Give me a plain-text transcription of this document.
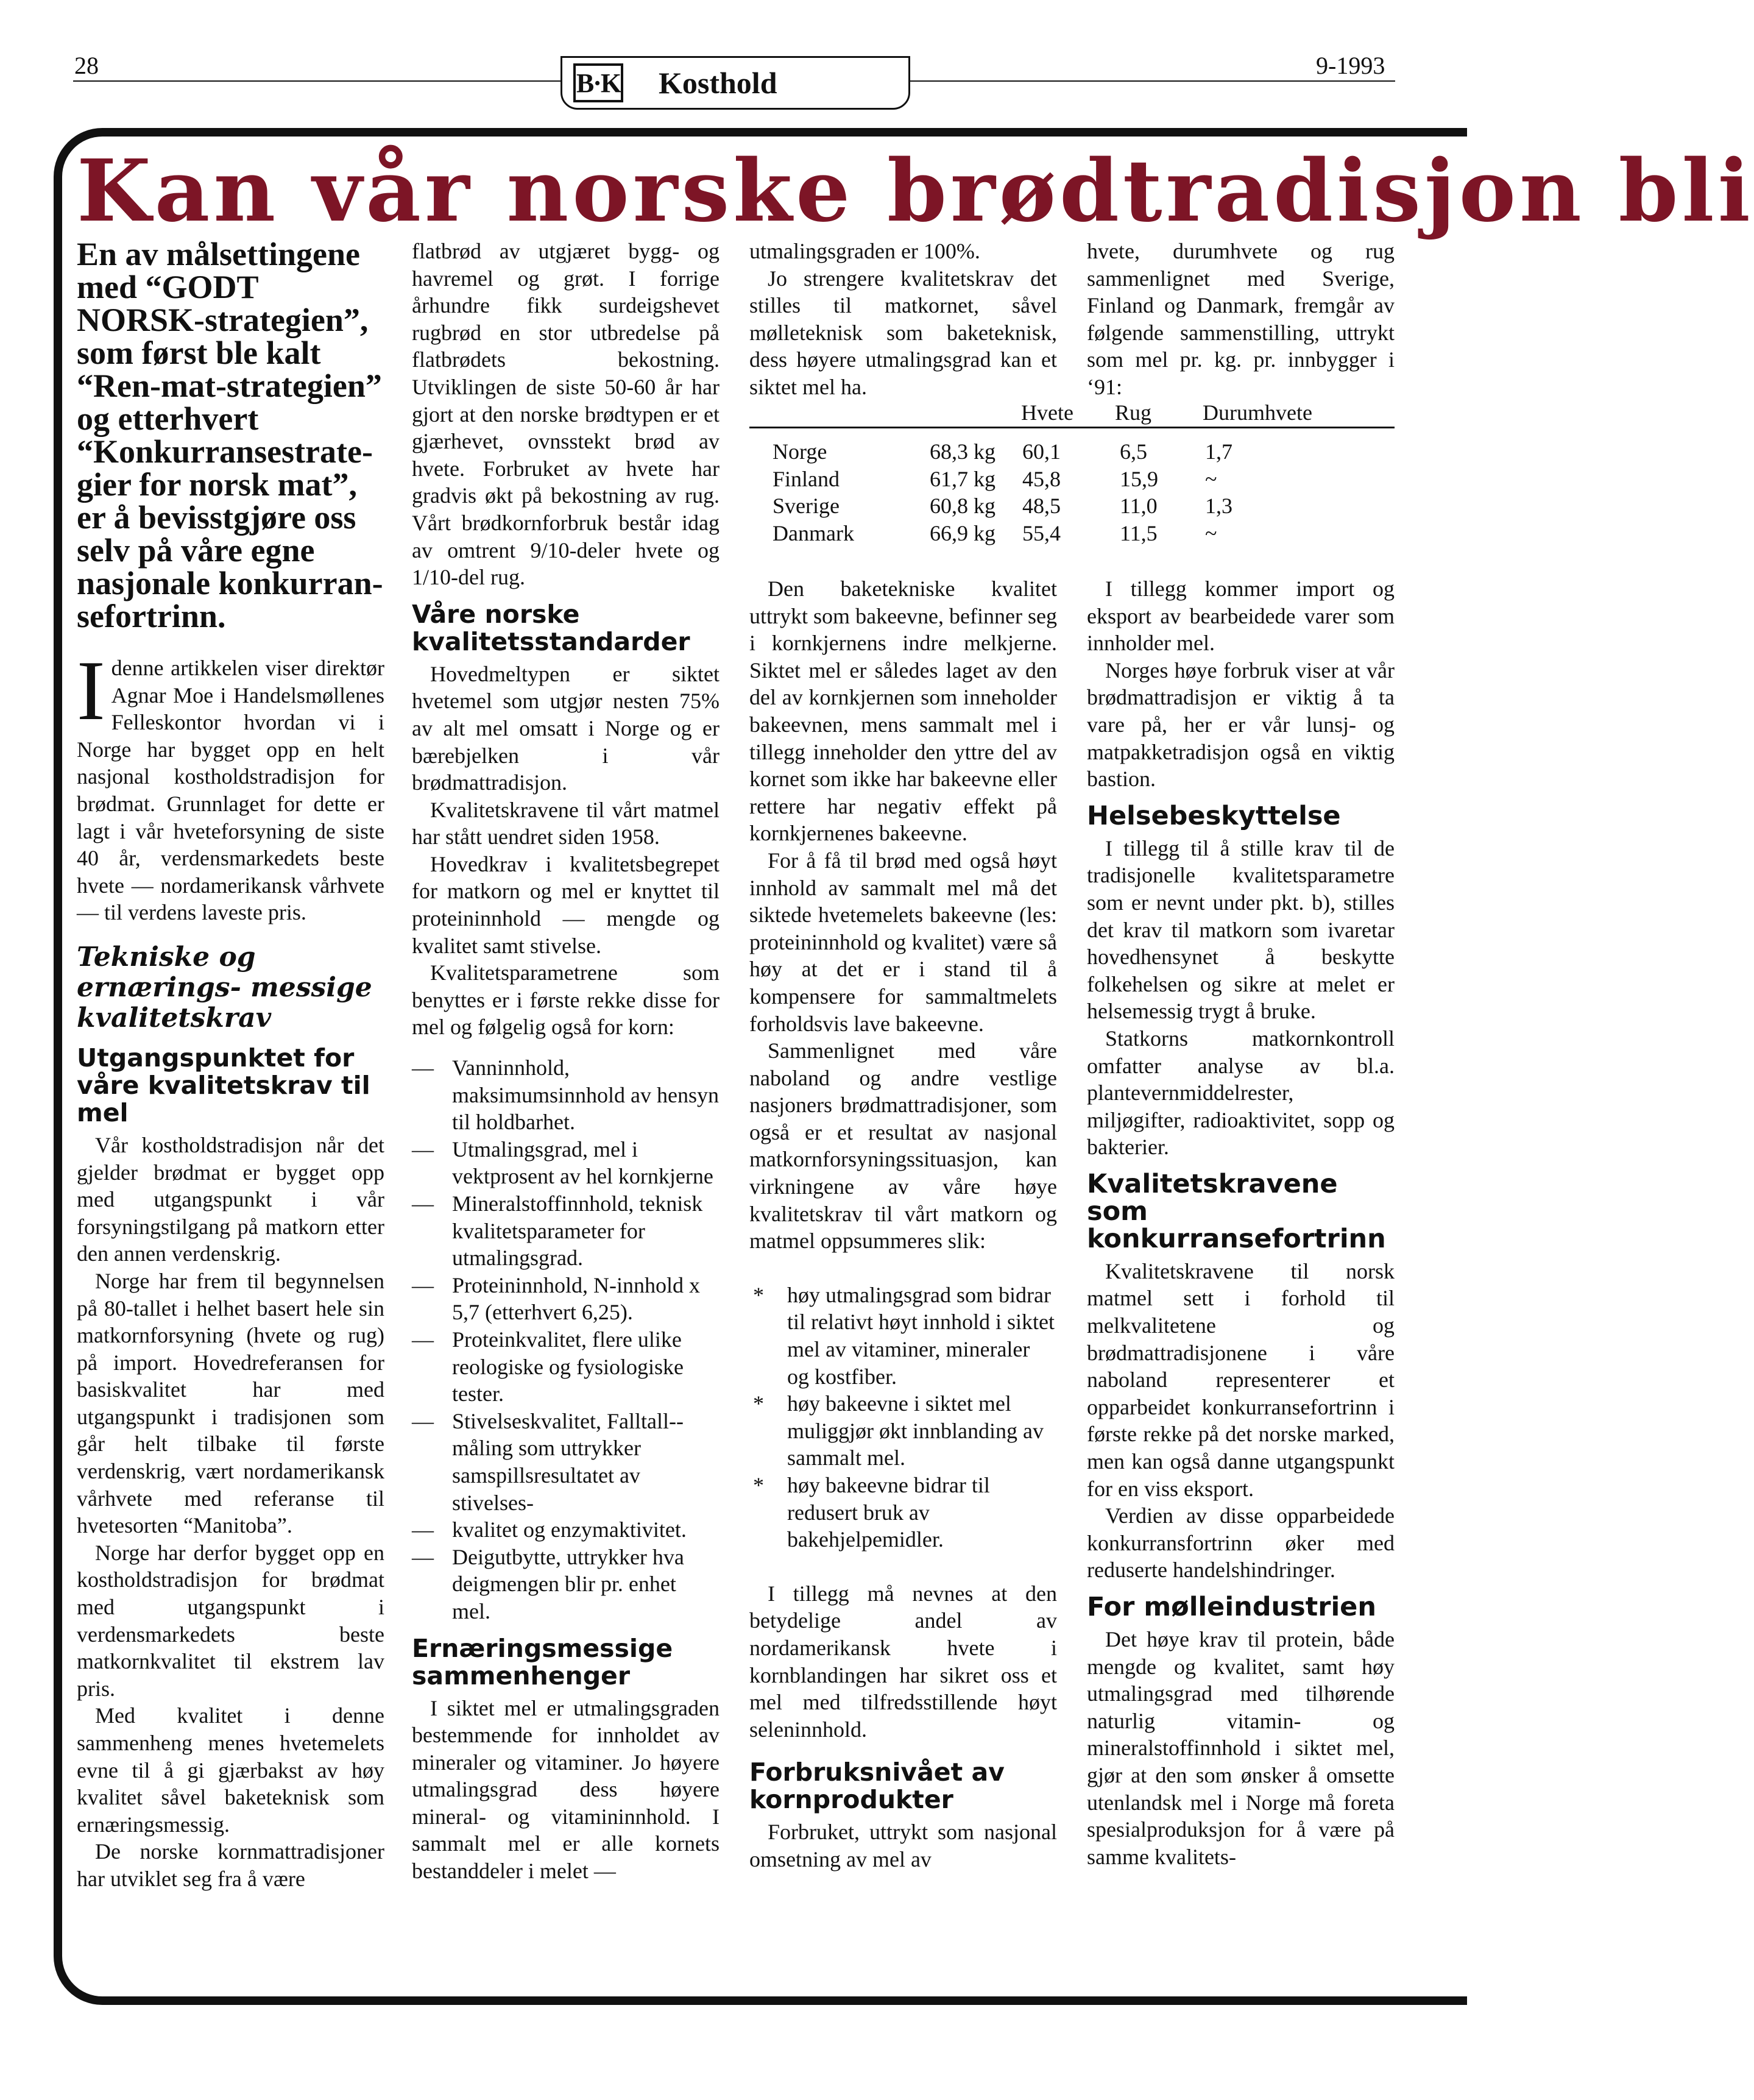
28	9-1993
B·K Kosthold
Kan vår norske brødtradisjon bli

En av målsettingene med “GODT NORSK-strategien”, som først ble kalt “Ren-mat-strategien” og etterhvert “Konkurransestrate- gier for norsk mat”, er å bevisstgjøre oss selv på våre egne nasjonale konkurran- sefortrinn.

Idenne artikkelen viser direktør Agnar Moe i Handelsmøllenes Felleskontor hvordan vi i Norge har bygget opp en helt nasjonal kostholdstradisjon for brødmat. Grunnlaget for dette er lagt i vår hveteforsyning de siste 40 år, verdensmarkedets beste hvete — nordamerikansk vårhvete — til verdens laveste pris.

Tekniske og ernærings- messige kvalitetskrav

Utgangspunktet for våre kvalitetskrav til mel

Vår kostholdstradisjon når det gjelder brødmat er bygget opp med utgangspunkt i vår forsyningstilgang på matkorn etter den annen verdenskrig.

Norge har frem til begynnelsen på 80-tallet i helhet basert hele sin matkornforsyning (hvete og rug) på import. Hovedreferansen for basiskvalitet har med utgangspunkt i tradisjonen som går helt tilbake til første verdenskrig, vært nordamerikansk vårhvete med referanse til hvetesorten “Manitoba”.

Norge har derfor bygget opp en kostholdstradisjon for brødmat med utgangspunkt i verdensmarkedets beste matkornkvalitet til ekstrem lav pris.

Med kvalitet i denne sammenheng menes hvetemelets evne til å gi gjærbakst av høy kvalitet såvel baketeknisk som ernæringsmessig.

De norske kornmattradisjoner har utviklet seg fra å være

flatbrød av utgjæret bygg- og havremel og grøt. I forrige århundre fikk surdeigshevet rugbrød en stor utbredelse på flatbrødets bekostning. Utviklingen de siste 50-60 år har gjort at den norske brødtypen er et gjærhevet, ovnsstekt brød av hvete. Forbruket av hvete har gradvis økt på bekostning av rug. Vårt brødkornforbruk består idag av omtrent 9/10-deler hvete og 1/10-del rug.

Våre norske kvalitetsstandarder

Hovedmeltypen er siktet hvetemel som utgjør nesten 75% av alt mel omsatt i Norge og er bærebjelken i vår brødmattradisjon.

Kvalitetskravene til vårt matmel har stått uendret siden 1958.

Hovedkrav i kvalitetsbegrepet for matkorn og mel er knyttet til proteininnhold — mengde og kvalitet samt stivelse.

Kvalitetsparametrene som benyttes er i første rekke disse for mel og følgelig også for korn:

— Vanninnhold, maksimumsinnhold av hensyn til holdbarhet.

— Utmalingsgrad, mel i vektprosent av hel kornkjerne

— Mineralstoffinnhold, teknisk kvalitetsparameter for utmalingsgrad.

— Proteininnhold, N-innhold x 5,7 (etterhvert 6,25).

— Proteinkvalitet, flere ulike reologiske og fysiologiske tester.

— Stivelseskvalitet, Falltall--måling som uttrykker samspillsresultatet av stivelses-

— kvalitet og enzymaktivitet.

— Deigutbytte, uttrykker hva deigmengen blir pr. enhet mel.

Ernæringsmessige sammenhenger

I siktet mel er utmalingsgraden bestemmende for innholdet av mineraler og vitaminer. Jo høyere utmalingsgrad dess høyere mineral- og vitamininnhold. I sammalt mel er alle kornets bestanddeler i melet —

utmalingsgraden er 100%.

Jo strengere kvalitetskrav det stilles til matkornet, såvel mølleteknisk som baketeknisk, dess høyere utmalingsgrad kan et siktet mel ha.

hvete, durumhvete og rug sammenlignet med Sverige, Finland og Danmark, fremgår av følgende sammenstilling, uttrykt som mel pr. kg. pr. innbygger i ‘91:

Hvete Rug Durumhvete
Norge	68,3 kg 60,1	6,5	1,7
Finland	61,7 kg 45,8	15,9 ~
Sverige	60,8 kg 48,5	11,0 1,3
Danmark	66,9 kg 55,4	11,5 ~

Den baketekniske kvalitet uttrykt som bakeevne, befinner seg i kornkjernens indre melkjerne. Siktet mel er således laget av den del av kornkjernen som inneholder bakeevnen, mens sammalt mel i tillegg inneholder den yttre del av kornet som ikke har bakeevne eller rettere har negativ effekt på kornkjernenes bakeevne.

For å få til brød med også høyt innhold av sammalt mel må det siktede hvetemelets bakeevne (les: proteininnhold og kvalitet) være så høy at det er i stand til å kompensere for sammaltmelets forholdsvis lave bakeevne.

Sammenlignet med våre naboland og andre vestlige nasjoners brødmattradisjoner, som også er et resultat av nasjonal matkornforsyningssituasjon, kan virkningene av våre høye kvalitetskrav til vårt matkorn og matmel oppsummeres slik:

* høy utmalingsgrad som bidrar til relativt høyt innhold i siktet mel av vitaminer, mineraler og kostfiber.

* høy bakeevne i siktet mel muliggjør økt innblanding av sammalt mel.

* høy bakeevne bidrar til redusert bruk av bakehjelpemidler.

I tillegg må nevnes at den betydelige andel av nordamerikansk hvete i kornblandingen har sikret oss et mel med tilfredsstillende høyt seleninnhold.

Forbruksnivået av kornprodukter

Forbruket, uttrykt som nasjonal omsetning av mel av

I tillegg kommer import og eksport av bearbeidede varer som innholder mel.

Norges høye forbruk viser at vår brødmattradisjon er viktig å ta vare på, her er vår lunsj- og matpakketradisjon også en viktig bastion.

Helsebeskyttelse

I tillegg til å stille krav til de tradisjonelle kvalitetsparametre som er nevnt under pkt. b), stilles det krav til matkorn som ivaretar hovedhensynet å beskytte folkehelsen og sikre at melet er helsemessig trygt å bruke.

Statkorns matkornkontroll omfatter analyse av bl.a. plantevernmiddelrester, miljøgifter, radioaktivitet, sopp og bakterier.

Kvalitetskravene som konkurransefortrinn

Kvalitetskravene til norsk matmel sett i forhold til melkvalitetene og brødmattradisjonene i våre naboland representerer et opparbeidet konkurransefortrinn i første rekke på det norske marked, men kan også danne utgangspunkt for en viss eksport.

Verdien av disse opparbeidede konkurransfortrinn øker med reduserte handelshindringer.

For mølleindustrien

Det høye krav til protein, både mengde og kvalitet, samt høy utmalingsgrad med tilhørende naturlig vitamin- og mineralstoffinnhold i siktet mel, gjør at den som ønsker å omsette utenlandsk mel i Norge må foreta spesialproduksjon for å være på samme kvalitets-
